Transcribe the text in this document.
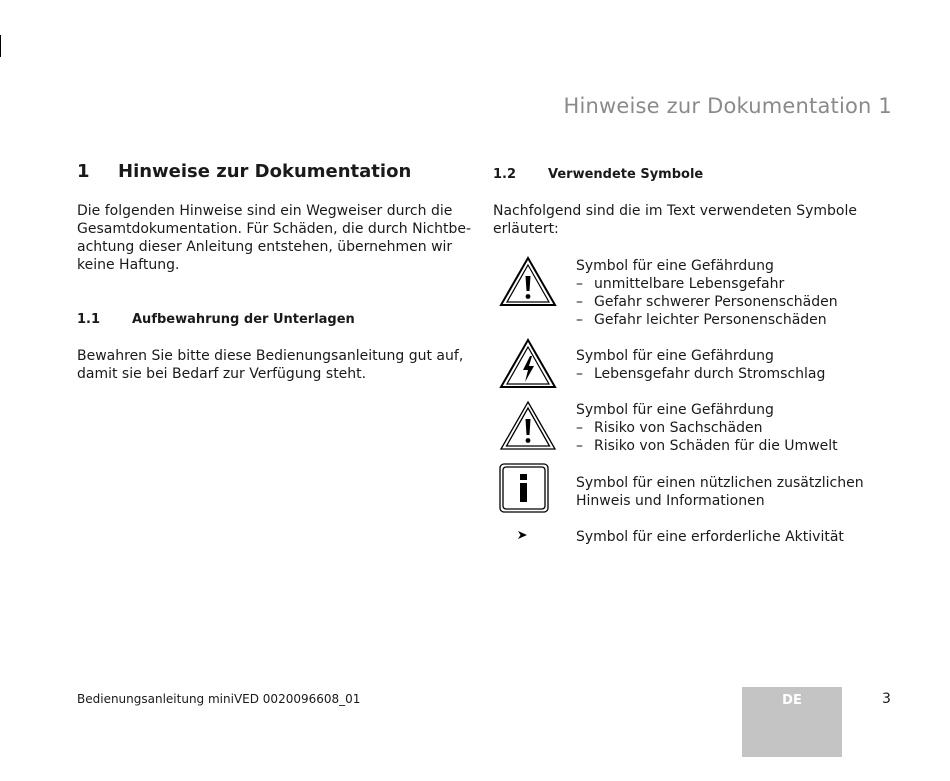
Hinweise zur Dokumentation 1
1 Hinweise zur Dokumentation
Die folgenden Hinweise sind ein Wegweiser durch die
Gesamtdokumentation. Für Schäden, die durch Nichtbe-
achtung dieser Anleitung entstehen, übernehmen wir
keine Haftung.
1.1 Aufbewahrung der Unterlagen
Bewahren Sie bitte diese Bedienungsanleitung gut auf,
damit sie bei Bedarf zur Verfügung steht.
1.2 Verwendete Symbole
Nachfolgend sind die im Text verwendeten Symbole
erläutert:
Symbol für eine Gefährdung
– unmittelbare Lebensgefahr
– Gefahr schwerer Personenschäden
– Gefahr leichter Personenschäden
Symbol für eine Gefährdung
– Lebensgefahr durch Stromschlag
Symbol für eine Gefährdung
– Risiko von Sachschäden
– Risiko von Schäden für die Umwelt
Symbol für einen nützlichen zusätzlichen
Hinweis und Informationen
Symbol für eine erforderliche Aktivität
Bedienungsanleitung miniVED 0020096608_01	DE	3
